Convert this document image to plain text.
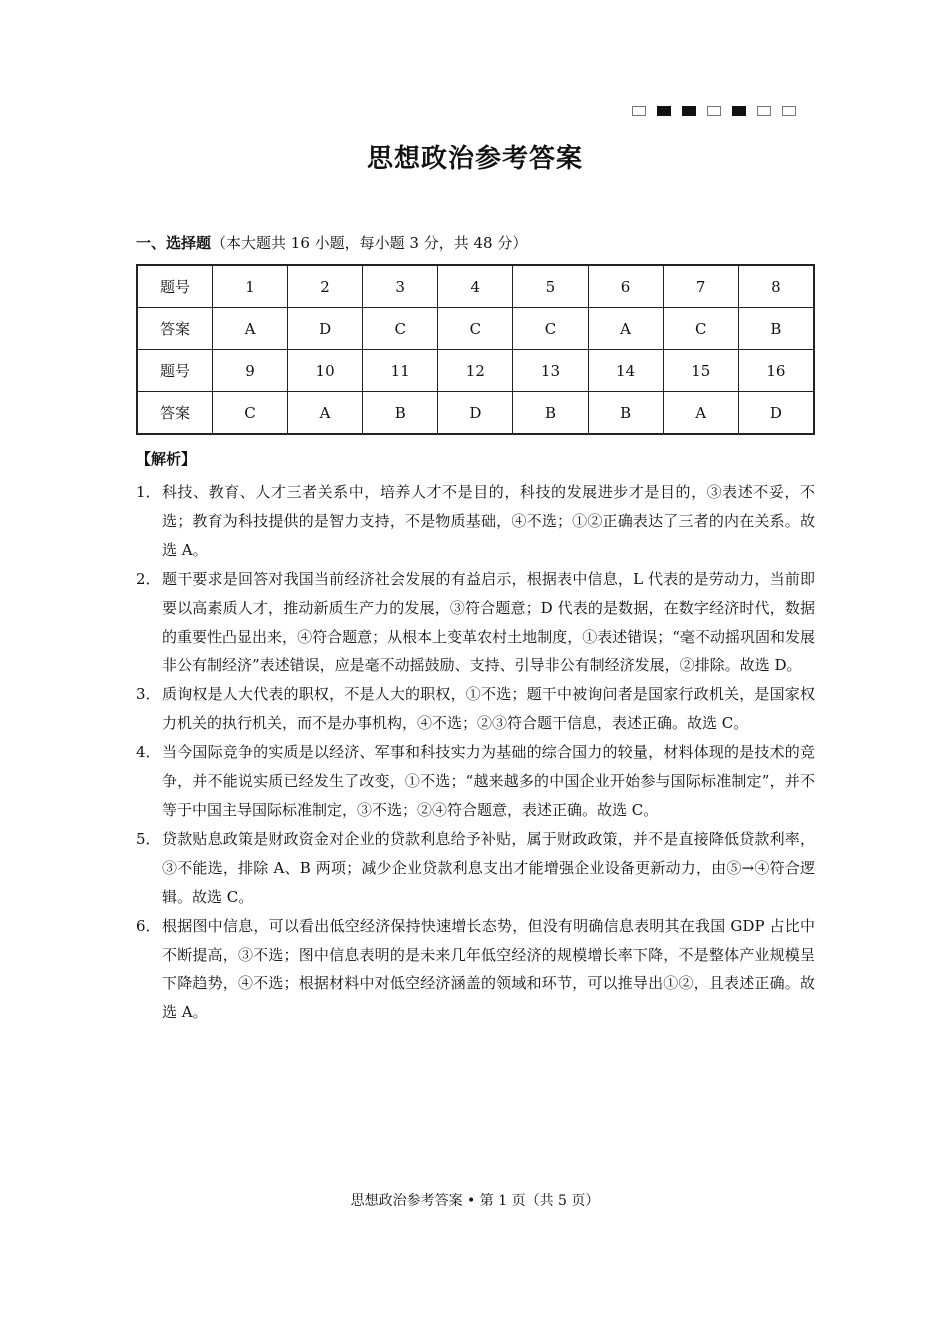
思想政治参考答案
一、选择题（本大题共 16 小题，每小题 3 分，共 48 分）
题号	1	2	3	4	5	6	7	8
答案	A	D	C	C	C	A	C	B
题号	9	10	11	12	13	14	15	16
答案	C	A	B	D	B	B	A	D
【解析】
1． 科技、教育、人才三者关系中，培养人才不是目的，科技的发展进步才是目的，③表述不妥，不选；教育为科技提供的是智力支持，不是物质基础，④不选；①②正确表达了三者的内在关系。故选 A。
2． 题干要求是回答对我国当前经济社会发展的有益启示，根据表中信息，L 代表的是劳动力，当前即要以高素质人才，推动新质生产力的发展，③符合题意；D 代表的是数据，在数字经济时代，数据的重要性凸显出来，④符合题意；从根本上变革农村土地制度，①表述错误；“毫不动摇巩固和发展非公有制经济”表述错误，应是毫不动摇鼓励、支持、引导非公有制经济发展，②排除。故选 D。
3． 质询权是人大代表的职权，不是人大的职权，①不选；题干中被询问者是国家行政机关，是国家权力机关的执行机关，而不是办事机构，④不选；②③符合题干信息，表述正确。故选 C。
4． 当今国际竞争的实质是以经济、军事和科技实力为基础的综合国力的较量，材料体现的是技术的竞争，并不能说实质已经发生了改变，①不选；“越来越多的中国企业开始参与国际标准制定”，并不等于中国主导国际标准制定，③不选；②④符合题意，表述正确。故选 C。
5． 贷款贴息政策是财政资金对企业的贷款利息给予补贴，属于财政政策，并不是直接降低贷款利率，③不能选，排除 A、B 两项；减少企业贷款利息支出才能增强企业设备更新动力，由⑤→④符合逻辑。故选 C。
6． 根据图中信息，可以看出低空经济保持快速增长态势，但没有明确信息表明其在我国 GDP 占比中不断提高，③不选；图中信息表明的是未来几年低空经济的规模增长率下降，不是整体产业规模呈下降趋势，④不选；根据材料中对低空经济涵盖的领域和环节，可以推导出①②，且表述正确。故选 A。
思想政治参考答案 • 第 1 页（共 5 页）
